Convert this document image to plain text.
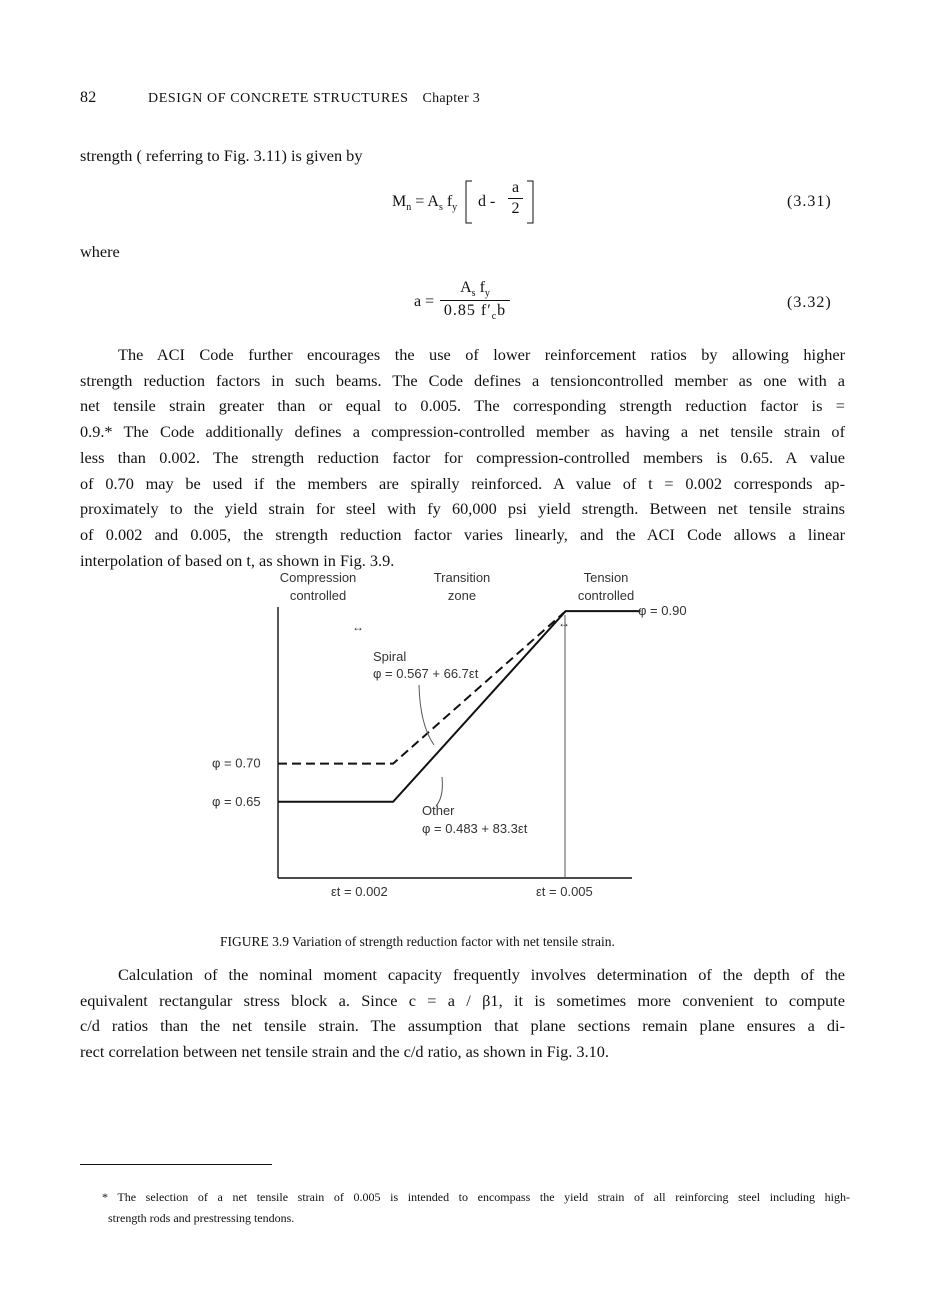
82	DESIGN OF CONCRETE STRUCTURES Chapter 3
strength ( referring to Fig. 3.11) is given by
$M_n = A_s$ $f_y$ d - $\frac{a}{2}$	(3.31)
where
$a = \frac{A_s f_y}{0.85 f'_cb}$	(3.32)
The ACI Code further encourages the use of lower reinforcement ratios by allowing higher
strength reduction factors in such beams. The Code defines a tensioncontrolled member as one with a
net tensile strain greater than or equal to 0.005. The corresponding strength reduction factor is =
0.9.* The Code additionally defines a compression-controlled member as having a net tensile strain of
less than 0.002. The strength reduction factor for compression-controlled members is 0.65. A value
of 0.70 may be used if the members are spirally reinforced. A value of t = 0.002 corresponds ap-
proximately to the yield strain for steel with fy 60,000 psi yield strength. Between net tensile strains
of 0.002 and 0.005, the strength reduction factor varies linearly, and the ACI Code allows a linear
interpolation of based on t, as shown in Fig. 3.9.
Compression
controlled
Transition
zone
Tension
controlled
↔	↔
φ = 0.70
φ = 0.65
φ = 0.90
εt = 0.002	εt = 0.005
Spiral
φ = 0.567 + 66.7εt
Other
φ = 0.483 + 83.3εt
FIGURE 3.9 Variation of strength reduction factor with net tensile strain.
Calculation of the nominal moment capacity frequently involves determination of the depth of the
equivalent rectangular stress block a. Since c = a / β1, it is sometimes more convenient to compute
c/d ratios than the net tensile strain. The assumption that plane sections remain plane ensures a di-
rect correlation between net tensile strain and the c/d ratio, as shown in Fig. 3.10.
* The selection of a net tensile strain of 0.005 is intended to encompass the yield strain of all reinforcing steel including high-
strength rods and prestressing tendons.
